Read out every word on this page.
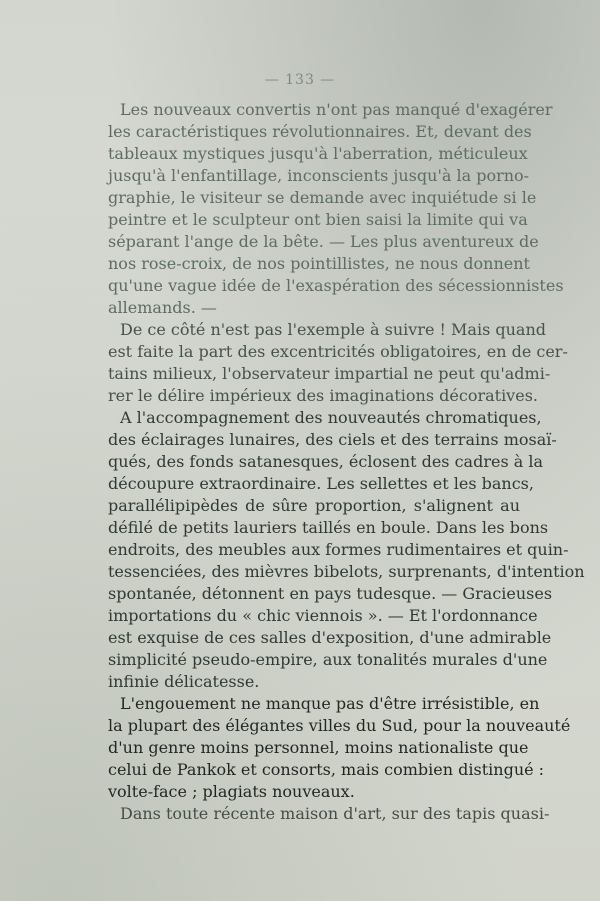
— 133 —
Les nouveaux convertis n'ont pas manqué d'exagérer
les caractéristiques révolutionnaires. Et, devant des
tableaux mystiques jusqu'à l'aberration, méticuleux
jusqu'à l'enfantillage, inconscients jusqu'à la porno-
graphie, le visiteur se demande avec inquiétude si le
peintre et le sculpteur ont bien saisi la limite qui va
séparant l'ange de la bête. — Les plus aventureux de
nos rose-croix, de nos pointillistes, ne nous donnent
qu'une vague idée de l'exaspération des sécessionnistes
allemands. —
De ce côté n'est pas l'exemple à suivre ! Mais quand
est faite la part des excentricités obligatoires, en de cer-
tains milieux, l'observateur impartial ne peut qu'admi-
rer le délire impérieux des imaginations décoratives.
A l'accompagnement des nouveautés chromatiques,
des éclairages lunaires, des ciels et des terrains mosaï-
qués, des fonds satanesques, éclosent des cadres à la
découpure extraordinaire. Les sellettes et les bancs,
parallélipipèdes de sûre proportion, s'alignent au
défilé de petits lauriers taillés en boule. Dans les bons
endroits, des meubles aux formes rudimentaires et quin-
tessenciées, des mièvres bibelots, surprenants, d'intention
spontanée, détonnent en pays tudesque. — Gracieuses
importations du « chic viennois ». — Et l'ordonnance
est exquise de ces salles d'exposition, d'une admirable
simplicité pseudo-empire, aux tonalités murales d'une
infinie délicatesse.
L'engouement ne manque pas d'être irrésistible, en
la plupart des élégantes villes du Sud, pour la nouveauté
d'un genre moins personnel, moins nationaliste que
celui de Pankok et consorts, mais combien distingué :
volte-face ; plagiats nouveaux.
Dans toute récente maison d'art, sur des tapis quasi-
